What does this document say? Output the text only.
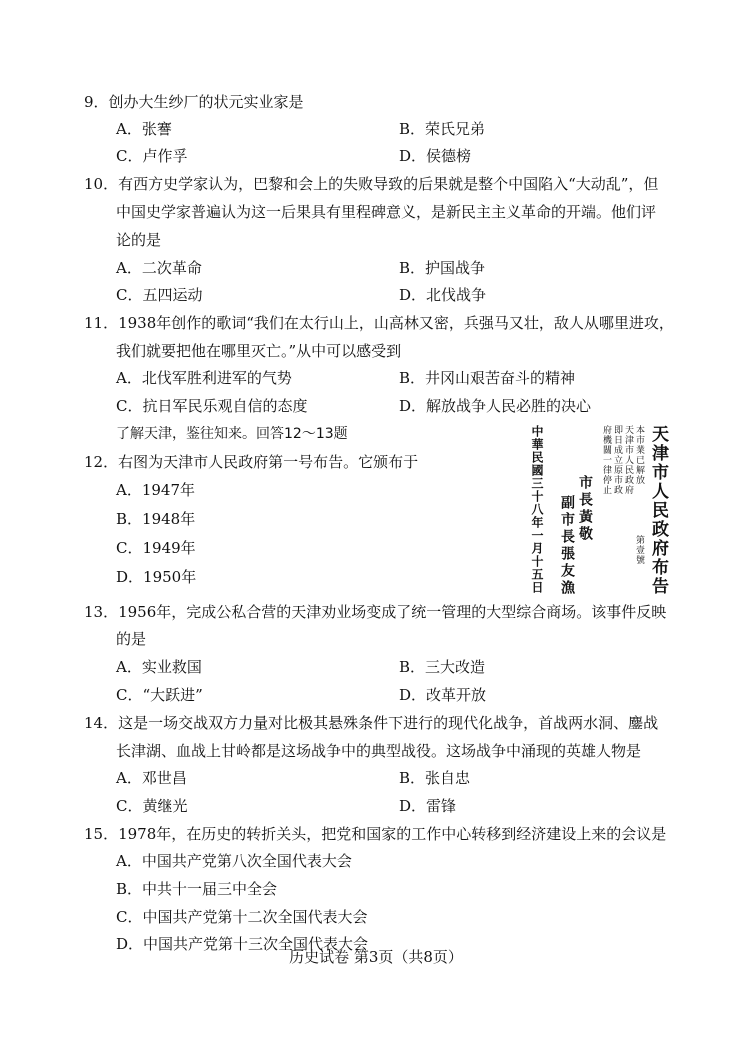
9．创办大生纱厂的状元实业家是
A．张謇	B．荣氏兄弟
C．卢作孚	D．侯德榜
10．有西方史学家认为，巴黎和会上的失败导致的后果就是整个中国陷入“大动乱”，但
中国史学家普遍认为这一后果具有里程碑意义，是新民主主义革命的开端。他们评
论的是
A．二次革命	B．护国战争
C．五四运动	D．北伐战争
11．1938年创作的歌词“我们在太行山上，山高林又密，兵强马又壮，敌人从哪里进攻，
我们就要把他在哪里灭亡。”从中可以感受到
A．北伐军胜利进军的气势	B．井冈山艰苦奋斗的精神
C．抗日军民乐观自信的态度	D．解放战争人民必胜的决心
了解天津，鉴往知来。回答12～13题
12．右图为天津市人民政府第一号布告。它颁布于
A．1947年
B．1948年
C．1949年
D．1950年	天津市人民政府布告
第壹號
本市業已解放
天津市人民政府
即日成立原市政
府機關一律停止
市長黃敬
副市長張友漁
中華民國三十八年一月十五日
13．1956年，完成公私合营的天津劝业场变成了统一管理的大型综合商场。该事件反映
的是
A．实业救国	B．三大改造
C．“大跃进”	D．改革开放
14．这是一场交战双方力量对比极其悬殊条件下进行的现代化战争，首战两水洞、鏖战
长津湖、血战上甘岭都是这场战争中的典型战役。这场战争中涌现的英雄人物是
A．邓世昌	B．张自忠
C．黄继光	D．雷锋
15．1978年，在历史的转折关头，把党和国家的工作中心转移到经济建设上来的会议是
A．中国共产党第八次全国代表大会
B．中共十一届三中全会
C．中国共产党第十二次全国代表大会
D．中国共产党第十三次全国代表大会
历史试卷 第3页（共8页）
